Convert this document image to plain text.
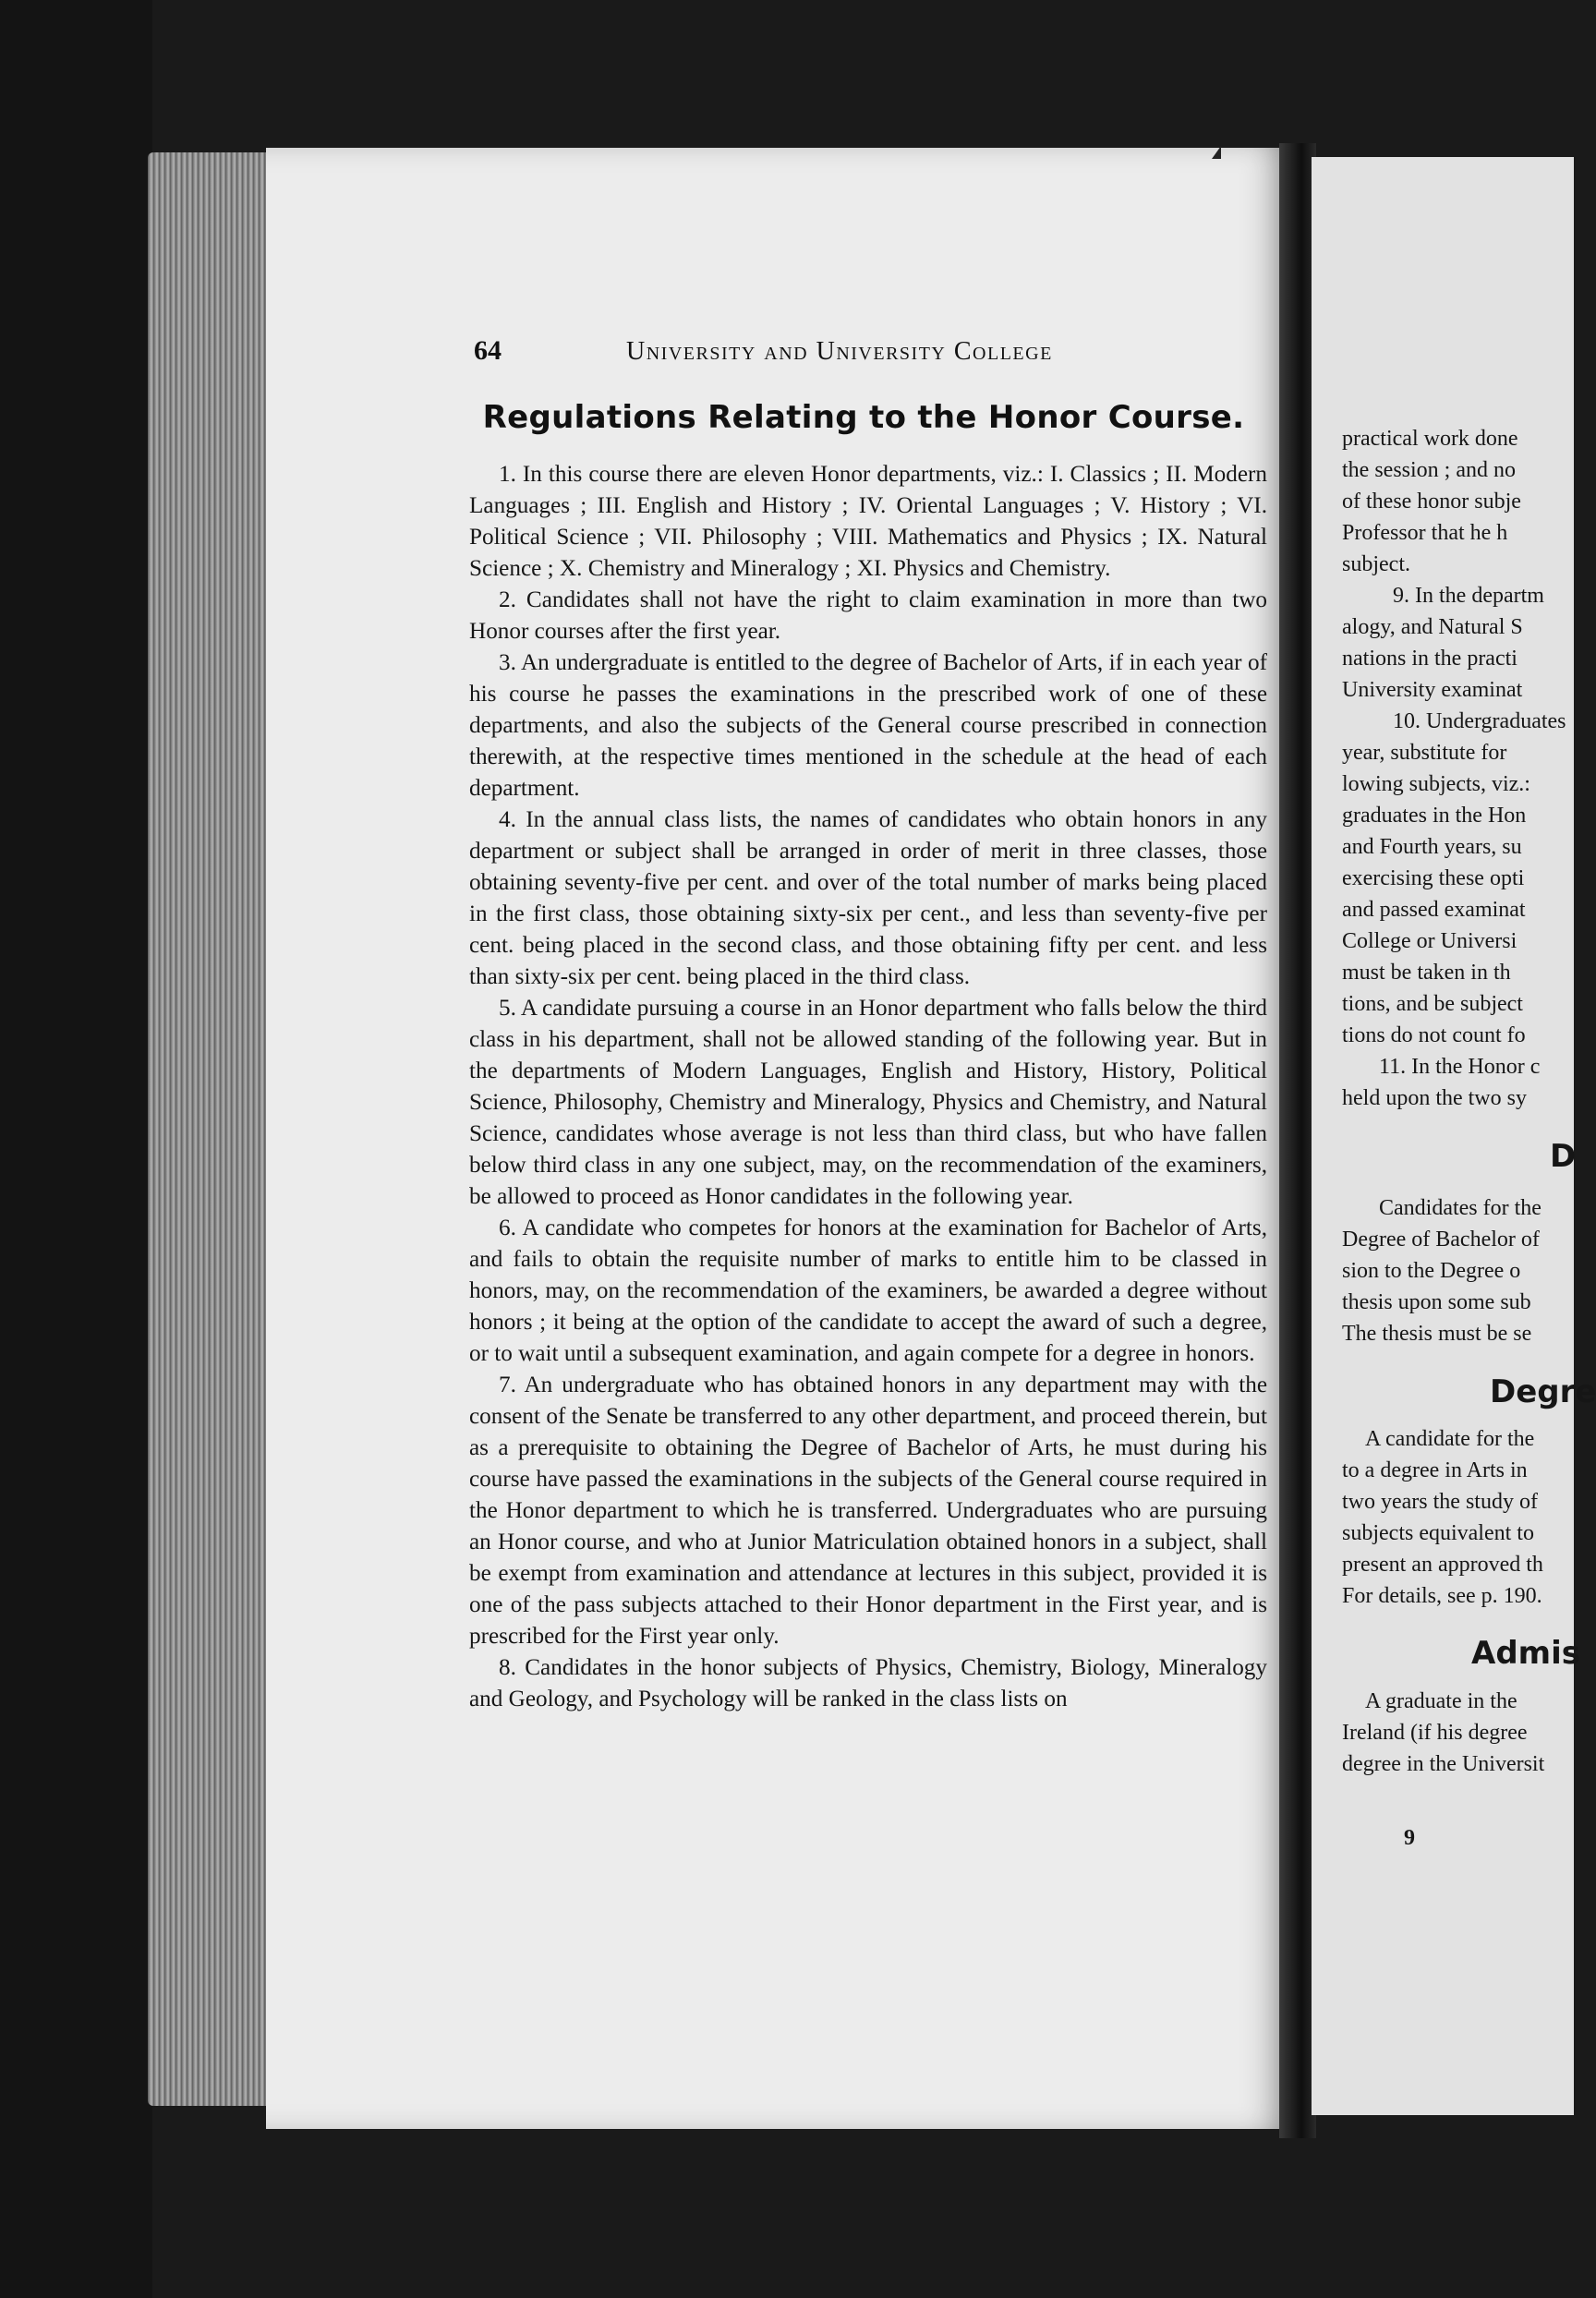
64	University and University College
Regulations Relating to the Honor Course.

1. In this course there are eleven Honor departments, viz.: I. Classics ; II. Modern Languages ; III. English and History ; IV. Oriental Languages ; V. History ; VI. Political Science ; VII. Philosophy ; VIII. Mathematics and Physics ; IX. Natural Science ; X. Chemistry and Mineralogy ; XI. Physics and Chemistry.

2. Candidates shall not have the right to claim examination in more than two Honor courses after the first year.

3. An undergraduate is entitled to the degree of Bachelor of Arts, if in each year of his course he passes the examinations in the prescribed work of one of these departments, and also the subjects of the General course prescribed in connection therewith, at the respective times mentioned in the schedule at the head of each department.

4. In the annual class lists, the names of candidates who obtain honors in any department or subject shall be arranged in order of merit in three classes, those obtaining seventy-five per cent. and over of the total number of marks being placed in the first class, those obtaining sixty-six per cent., and less than seventy-five per cent. being placed in the second class, and those obtaining fifty per cent. and less than sixty-six per cent. being placed in the third class.

5. A candidate pursuing a course in an Honor department who falls below the third class in his department, shall not be allowed standing of the following year. But in the departments of Modern Languages, English and History, History, Political Science, Philosophy, Chemistry and Mineralogy, Physics and Chemistry, and Natural Science, candidates whose average is not less than third class, but who have fallen below third class in any one subject, may, on the recommendation of the examiners, be allowed to proceed as Honor candidates in the following year.

6. A candidate who competes for honors at the examination for Bachelor of Arts, and fails to obtain the requisite number of marks to entitle him to be classed in honors, may, on the recommendation of the examiners, be awarded a degree without honors ; it being at the option of the candidate to accept the award of such a degree, or to wait until a subsequent examination, and again compete for a degree in honors.

7. An undergraduate who has obtained honors in any department may with the consent of the Senate be transferred to any other department, and proceed therein, but as a prerequisite to obtaining the Degree of Bachelor of Arts, he must during his course have passed the examinations in the subjects of the General course required in the Honor department to which he is transferred. Undergraduates who are pursuing an Honor course, and who at Junior Matriculation obtained honors in a subject, shall be exempt from examination and attendance at lectures in this subject, provided it is one of the pass subjects attached to their Honor department in the First year, and is prescribed for the First year only.

8. Candidates in the honor subjects of Physics, Chemistry, Biology, Mineralogy and Geology, and Psychology will be ranked in the class lists on

practical work done
the session ; and no
of these honor subje
Professor that he h
subject.
9. In the departm
alogy, and Natural S
nations in the practi
University examinat
10. Undergraduates
year, substitute for
lowing subjects, viz.:
graduates in the Hon
and Fourth years, su
exercising these opti
and passed examinat
College or Universi
must be taken in th
tions, and be subject
tions do not count fo
11. In the Honor c
held upon the two sy
D
Candidates for the
Degree of Bachelor of
sion to the Degree o
thesis upon some sub
The thesis must be se
Degre
A candidate for the
to a degree in Arts in
two years the study of
subjects equivalent to
present an approved th
For details, see p. 190.
Admis
A graduate in the
Ireland (if his degree
degree in the Universit
9
